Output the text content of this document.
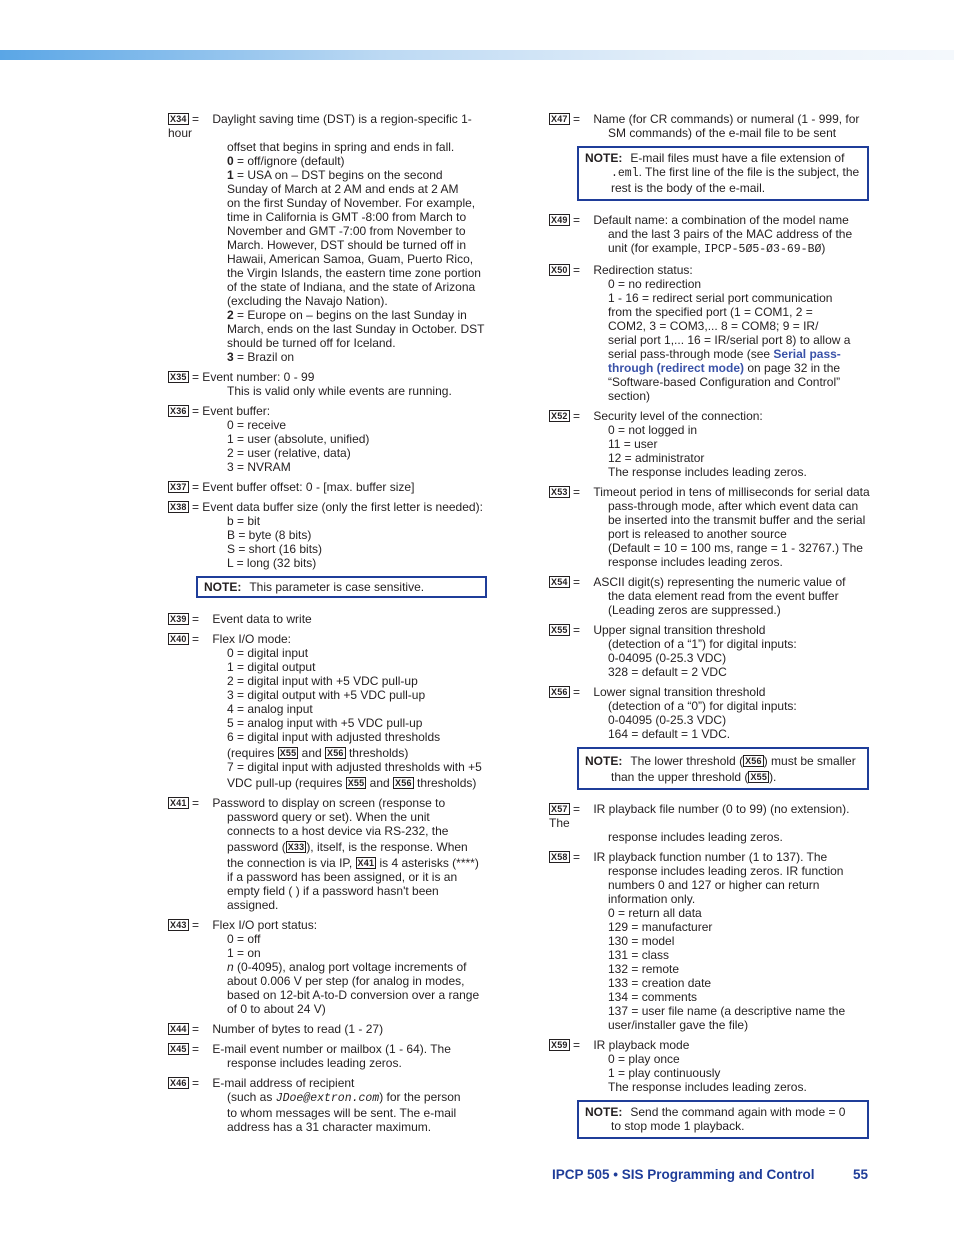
X34 = Daylight saving time (DST) is a region-specific 1-hour
offset that begins in spring and ends in fall.
0 = off/ignore (default)
1 = USA on – DST begins on the second
Sunday of March at 2 AM and ends at 2 AM
on the first Sunday of November. For example,
time in California is GMT -8:00 from March to
November and GMT -7:00 from November to
March. However, DST should be turned off in
Hawaii, American Samoa, Guam, Puerto Rico,
the Virgin Islands, the eastern time zone portion
of the state of Indiana, and the state of Arizona
(excluding the Navajo Nation).
2 = Europe on – begins on the last Sunday in
March, ends on the last Sunday in October. DST
should be turned off for Iceland.
3 = Brazil on
X35 = Event number: 0 - 99
This is valid only while events are running.
X36 = Event buffer:
0 = receive
1 = user (absolute, unified)
2 = user (relative, data)
3 = NVRAM
X37 = Event buffer offset: 0 - [max. buffer size]
X38 = Event data buffer size (only the first letter is needed):
b = bit
B = byte (8 bits)
S = short (16 bits)
L = long (32 bits)
NOTE: This parameter is case sensitive.
X39 = Event data to write
X40 = Flex I/O mode:
0 = digital input
1 = digital output
2 = digital input with +5 VDC pull-up
3 = digital output with +5 VDC pull-up
4 = analog input
5 = analog input with +5 VDC pull-up
6 = digital input with adjusted thresholds
(requires X55 and X56 thresholds)
7 = digital input with adjusted thresholds with +5
VDC pull-up (requires X55 and X56 thresholds)
X41 = Password to display on screen (response to
password query or set). When the unit
connects to a host device via RS-232, the
password ( X33 ), itself, is the response. When
the connection is via IP, X41 is 4 asterisks (****)
if a password has been assigned, or it is an
empty field ( ) if a password hasn't been
assigned.
X43 = Flex I/O port status:
0 = off
1 = on
n (0-4095), analog port voltage increments of
about 0.006 V per step (for analog in modes,
based on 12-bit A-to-D conversion over a range
of 0 to about 24 V)
X44 = Number of bytes to read (1 - 27)
X45 = E-mail event number or mailbox (1 - 64). The
response includes leading zeros.
X46 = E-mail address of recipient
(such as JDoe@extron.com) for the person
to whom messages will be sent. The e-mail
address has a 31 character maximum.
X47 = Name (for CR commands) or numeral (1 - 999, for
SM commands) of the e-mail file to be sent
NOTE: E-mail files must have a file extension of
.eml. The first line of the file is the subject, the
rest is the body of the e-mail.
X49 = Default name: a combination of the model name
and the last 3 pairs of the MAC address of the
unit (for example, IPCP-5Ø5-Ø3-69-BØ)
X50 = Redirection status:
0 = no redirection
1 - 16 = redirect serial port communication
from the specified port (1 = COM1, 2 =
COM2, 3 = COM3,... 8 = COM8; 9 = IR/
serial port 1,... 16 = IR/serial port 8) to allow a
serial pass-through mode (see Serial pass-
through (redirect mode) on page 32 in the
“Software-based Configuration and Control”
section)
X52 = Security level of the connection:
0 = not logged in
11 = user
12 = administrator
The response includes leading zeros.
X53 = Timeout period in tens of milliseconds for serial data
pass-through mode, after which event data can
be inserted into the transmit buffer and the serial
port is released to another source
(Default = 10 = 100 ms, range = 1 - 32767.) The
response includes leading zeros.
X54 = ASCII digit(s) representing the numeric value of
the data element read from the event buffer
(Leading zeros are suppressed.)
X55 = Upper signal transition threshold
(detection of a “1”) for digital inputs:
0-04095 (0-25.3 VDC)
328 = default = 2 VDC
X56 = Lower signal transition threshold
(detection of a “0”) for digital inputs:
0-04095 (0-25.3 VDC)
164 = default = 1 VDC.
NOTE: The lower threshold ( X56 ) must be smaller
than the upper threshold ( X55 ).
X57 = IR playback file number (0 to 99) (no extension). The
response includes leading zeros.
X58 = IR playback function number (1 to 137). The
response includes leading zeros. IR function
numbers 0 and 127 or higher can return
information only.
0 = return all data
129 = manufacturer
130 = model
131 = class
132 = remote
133 = creation date
134 = comments
137 = user file name (a descriptive name the
user/installer gave the file)
X59 = IR playback mode
0 = play once
1 = play continuously
The response includes leading zeros.
NOTE: Send the command again with mode = 0
to stop mode 1 playback.
IPCP 505 • SIS Programming and Control	55
